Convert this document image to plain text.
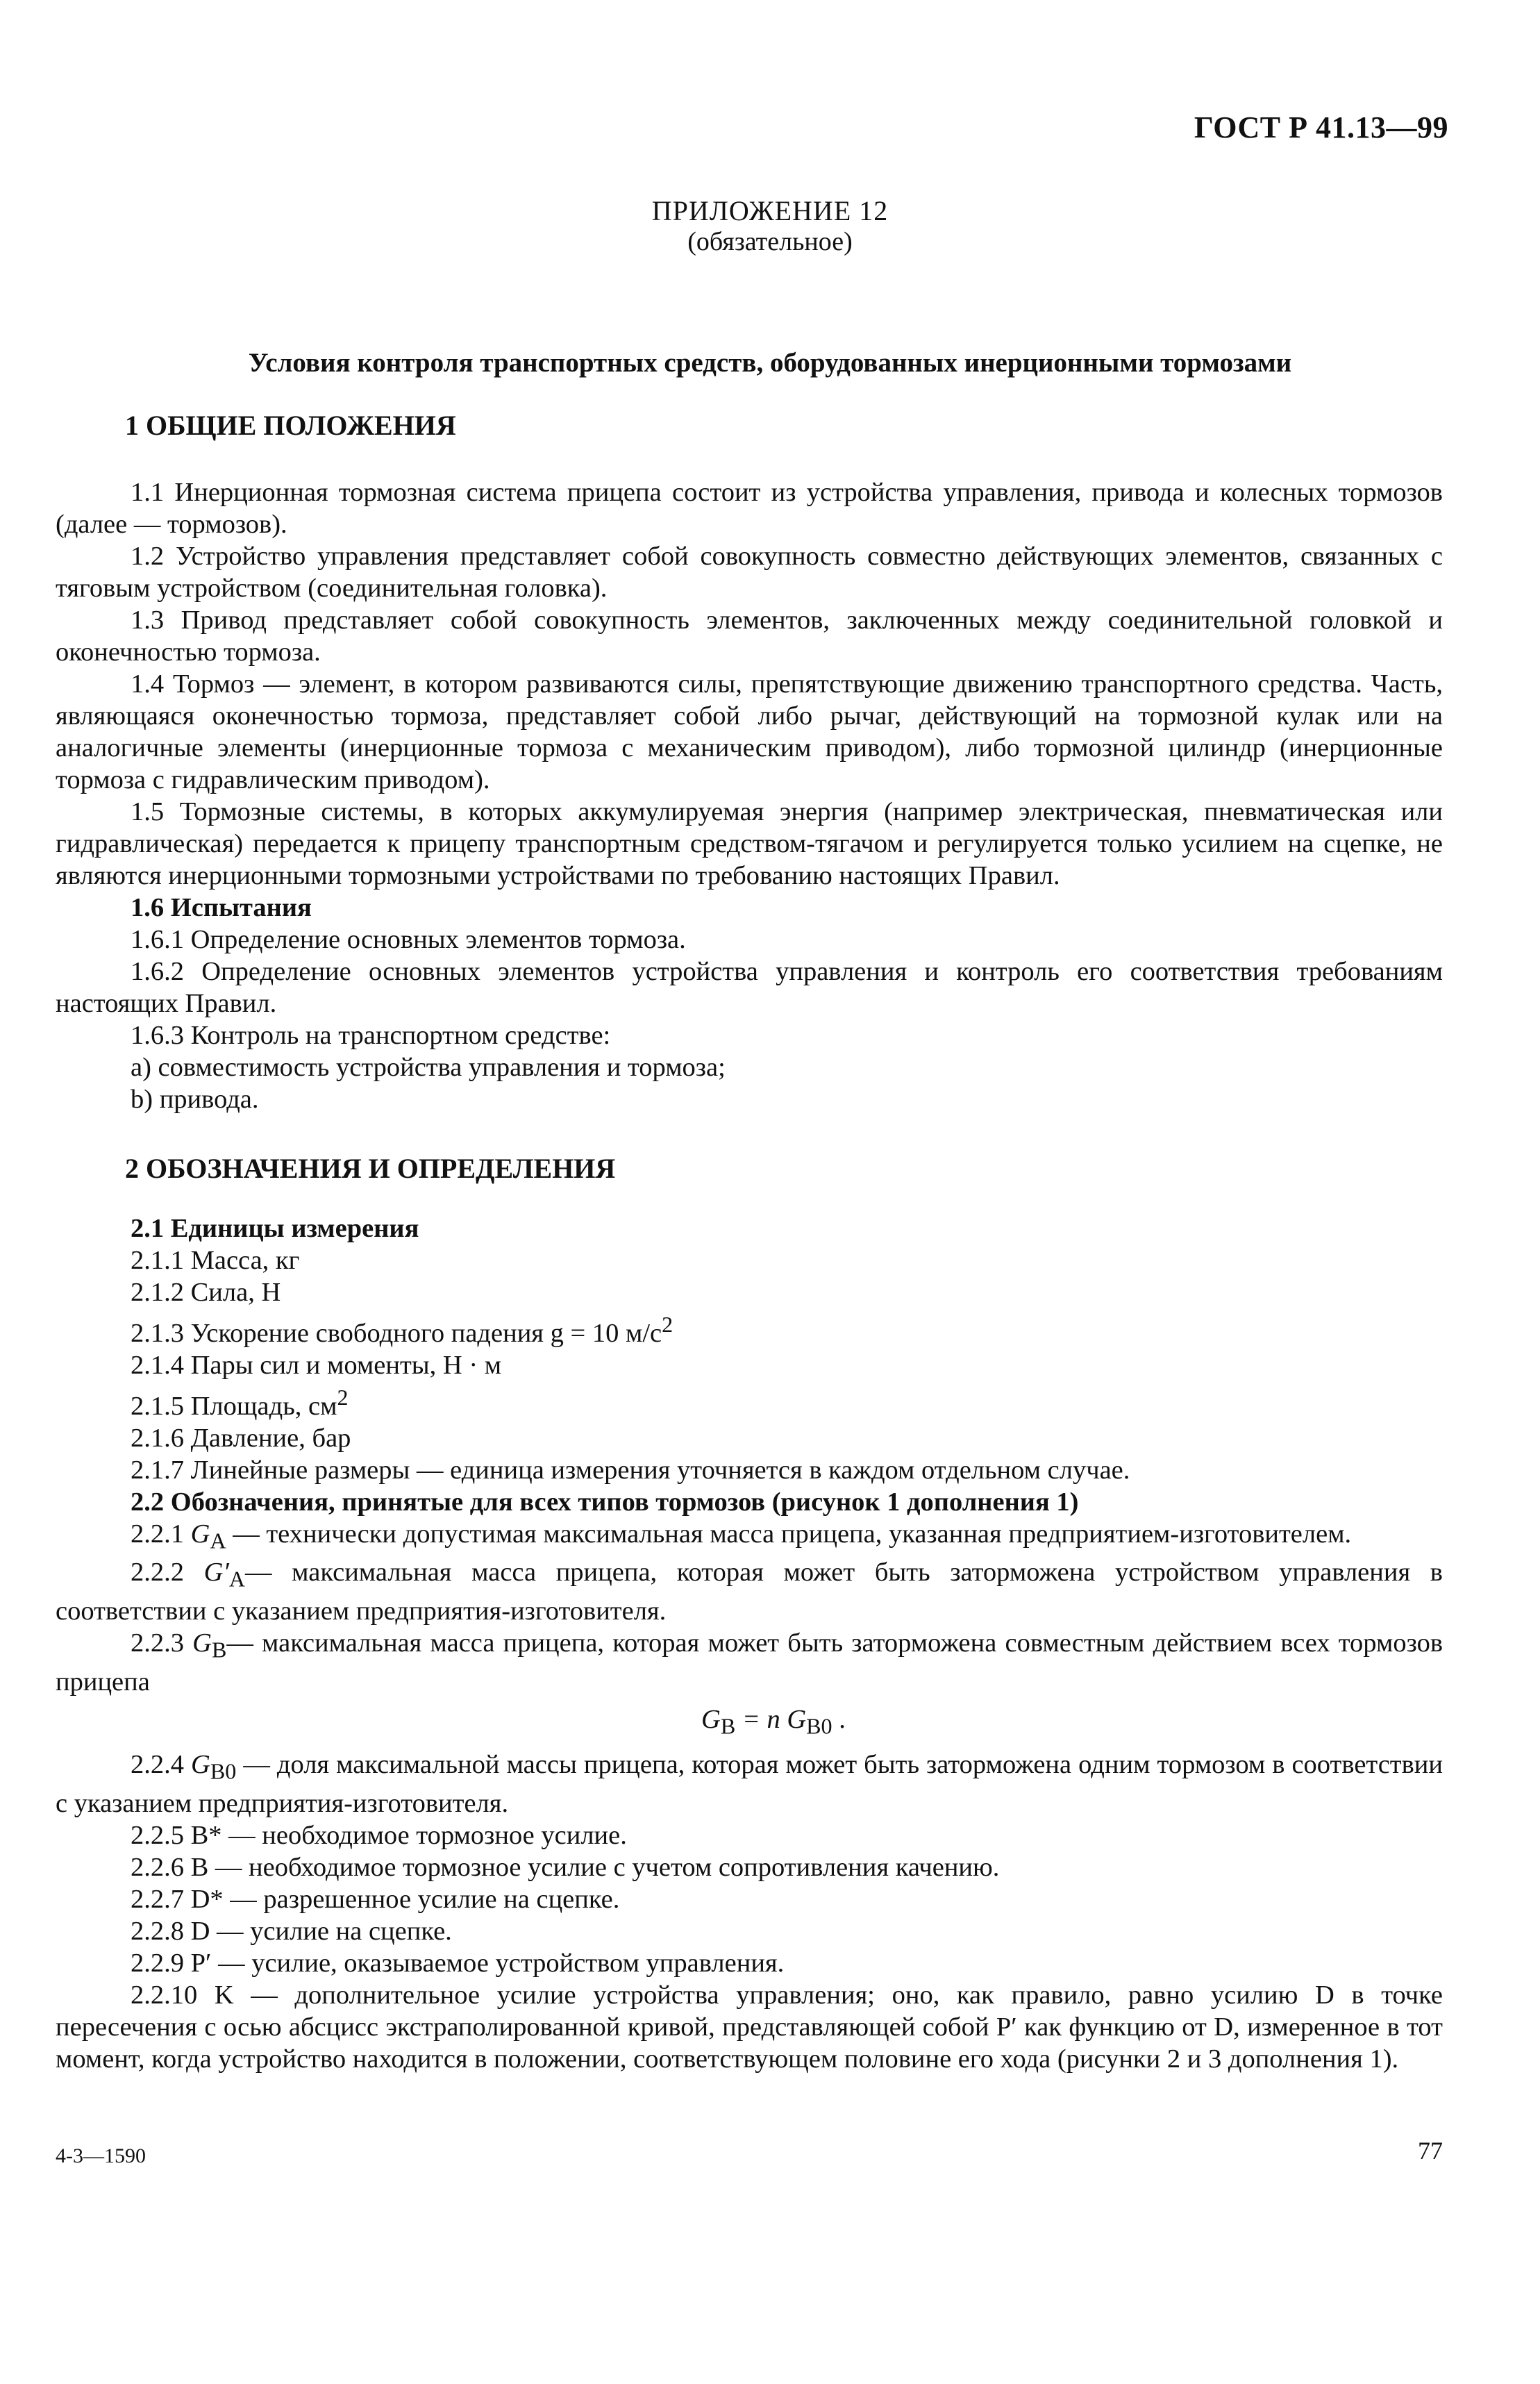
ГОСТ Р 41.13—99
ПРИЛОЖЕНИЕ 12
(обязательное)
Условия контроля транспортных средств, оборудованных инерционными тормозами
1 ОБЩИЕ ПОЛОЖЕНИЯ

1.1 Инерционная тормозная система прицепа состоит из устройства управления, привода и колесных тормозов (далее — тормозов).

1.2 Устройство управления представляет собой совокупность совместно действующих элементов, связанных с тяговым устройством (соединительная головка).

1.3 Привод представляет собой совокупность элементов, заключенных между соединительной головкой и оконечностью тормоза.

1.4 Тормоз — элемент, в котором развиваются силы, препятствующие движению транспортного средства. Часть, являющаяся оконечностью тормоза, представляет собой либо рычаг, действующий на тормозной кулак или на аналогичные элементы (инерционные тормоза с механическим приводом), либо тормозной цилиндр (инерционные тормоза с гидравлическим приводом).

1.5 Тормозные системы, в которых аккумулируемая энергия (например электрическая, пневматическая или гидравлическая) передается к прицепу транспортным средством-тягачом и регулируется только усилием на сцепке, не являются инерционными тормозными устройствами по требованию настоящих Правил.

1.6 Испытания

1.6.1 Определение основных элементов тормоза.

1.6.2 Определение основных элементов устройства управления и контроль его соответствия требованиям настоящих Правил.

1.6.3 Контроль на транспортном средстве:

а) совместимость устройства управления и тормоза;

b) привода.

2 ОБОЗНАЧЕНИЯ И ОПРЕДЕЛЕНИЯ

2.1 Единицы измерения

2.1.1 Масса, кг

2.1.2 Сила, Н

2.1.3 Ускорение свободного падения g = 10 $м/с^2$

2.1.4 Пары сил и моменты, Н · м

2.1.5 Площадь, $см^2$

2.1.6 Давление, бар

2.1.7 Линейные размеры — единица измерения уточняется в каждом отдельном случае.

2.2 Обозначения, принятые для всех типов тормозов (рисунок 1 дополнения 1)

2.2.1 $G_A$ — технически допустимая максимальная масса прицепа, указанная предприятием-изготовителем.

2.2.2 $G'_A—$ максимальная масса прицепа, которая может быть заторможена устройством управления в соответствии с указанием предприятия-изготовителя.

2.2.3 $G_B—$ максимальная масса прицепа, которая может быть заторможена совместным действием всех тормозов прицепа

$G_B = n$ $G_{B0}$ .

2.2.4 $G_{B0}$ — доля максимальной массы прицепа, которая может быть заторможена одним тормозом в соответствии с указанием предприятия-изготовителя.

2.2.5 B* — необходимое тормозное усилие.

2.2.6 B — необходимое тормозное усилие с учетом сопротивления качению.

2.2.7 D* — разрешенное усилие на сцепке.

2.2.8 D — усилие на сцепке.

2.2.9 P′ — усилие, оказываемое устройством управления.

2.2.10 K — дополнительное усилие устройства управления; оно, как правило, равно усилию D в точке пересечения с осью абсцисс экстраполированной кривой, представляющей собой P′ как функцию от D, измеренное в тот момент, когда устройство находится в положении, соответствующем половине его хода (рисунки 2 и 3 дополнения 1).

4-3—1590	77
